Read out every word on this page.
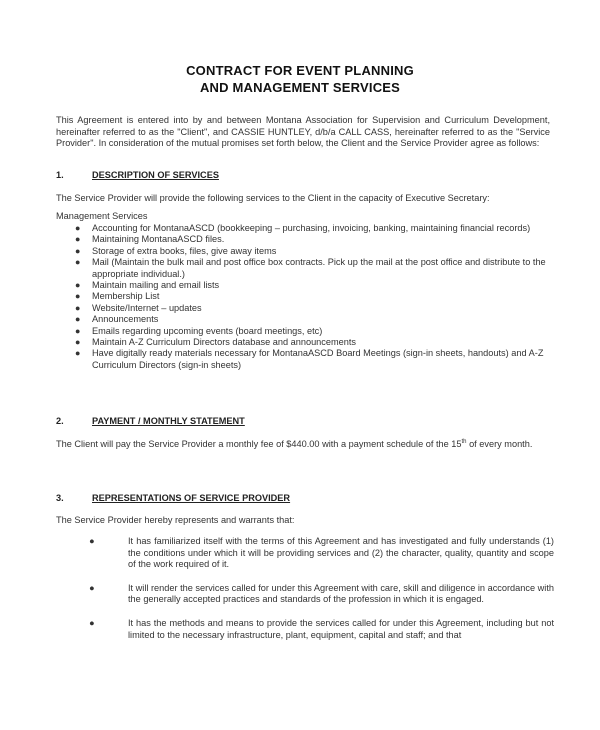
CONTRACT FOR EVENT PLANNING
AND MANAGEMENT SERVICES
This Agreement is entered into by and between Montana Association for Supervision and Curriculum Development, hereinafter referred to as the "Client", and CASSIE HUNTLEY, d/b/a CALL CASS, hereinafter referred to as the "Service Provider". In consideration of the mutual promises set forth below, the Client and the Service Provider agree as follows:
1.	DESCRIPTION OF SERVICES
The Service Provider will provide the following services to the Client in the capacity of Executive Secretary:
Management Services
● Accounting for MontanaASCD (bookkeeping – purchasing, invoicing, banking, maintaining financial records)
● Maintaining MontanaASCD files.
● Storage of extra books, files, give away items
● Mail (Maintain the bulk mail and post office box contracts. Pick up the mail at the post office and distribute to the appropriate individual.)
● Maintain mailing and email lists
● Membership List
● Website/Internet – updates
● Announcements
● Emails regarding upcoming events (board meetings, etc)
● Maintain A-Z Curriculum Directors database and announcements
● Have digitally ready materials necessary for MontanaASCD Board Meetings (sign-in sheets, handouts) and A-Z Curriculum Directors (sign-in sheets)
2.	PAYMENT / MONTHLY STATEMENT
The Client will pay the Service Provider a monthly fee of $440.00 with a payment schedule of the 15th of every month.
3.	REPRESENTATIONS OF SERVICE PROVIDER
The Service Provider hereby represents and warrants that:
●	It has familiarized itself with the terms of this Agreement and has investigated and fully understands (1) the conditions under which it will be providing services and (2) the character, quality, quantity and scope of the work required of it.
●	It will render the services called for under this Agreement with care, skill and diligence in accordance with the generally accepted practices and standards of the profession in which it is engaged.
●	It has the methods and means to provide the services called for under this Agreement, including but not limited to the necessary infrastructure, plant, equipment, capital and staff; and that
